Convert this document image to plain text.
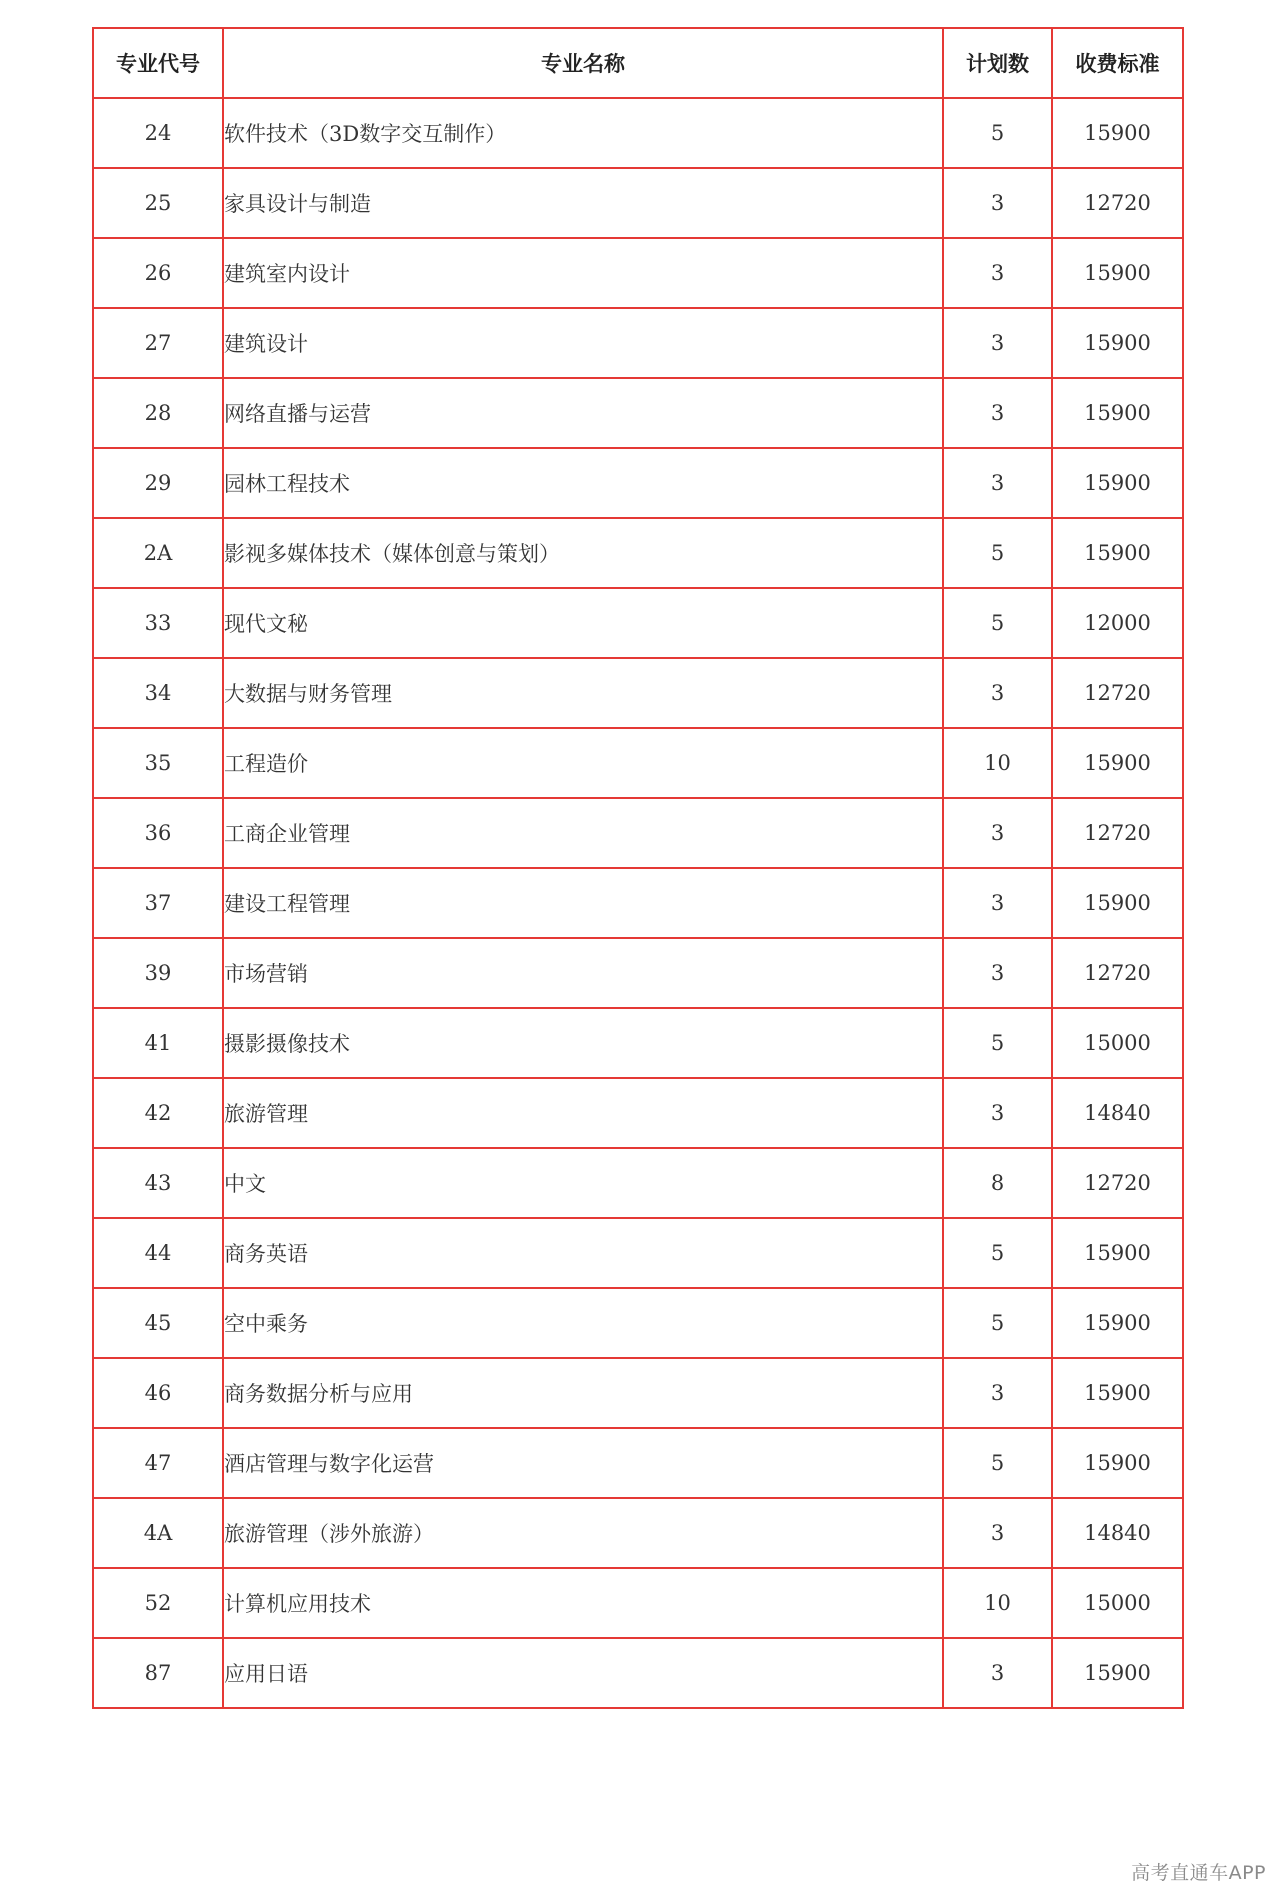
专业代号	专业名称	计划数	收费标准
24	软件技术（3D数字交互制作）	5	15900
25	家具设计与制造	3	12720
26	建筑室内设计	3	15900
27	建筑设计	3	15900
28	网络直播与运营	3	15900
29	园林工程技术	3	15900
2A	影视多媒体技术（媒体创意与策划）	5	15900
33	现代文秘	5	12000
34	大数据与财务管理	3	12720
35	工程造价	10	15900
36	工商企业管理	3	12720
37	建设工程管理	3	15900
39	市场营销	3	12720
41	摄影摄像技术	5	15000
42	旅游管理	3	14840
43	中文	8	12720
44	商务英语	5	15900
45	空中乘务	5	15900
46	商务数据分析与应用	3	15900
47	酒店管理与数字化运营	5	15900
4A	旅游管理（涉外旅游）	3	14840
52	计算机应用技术	10	15000
87	应用日语	3	15900
高考直通车APP
